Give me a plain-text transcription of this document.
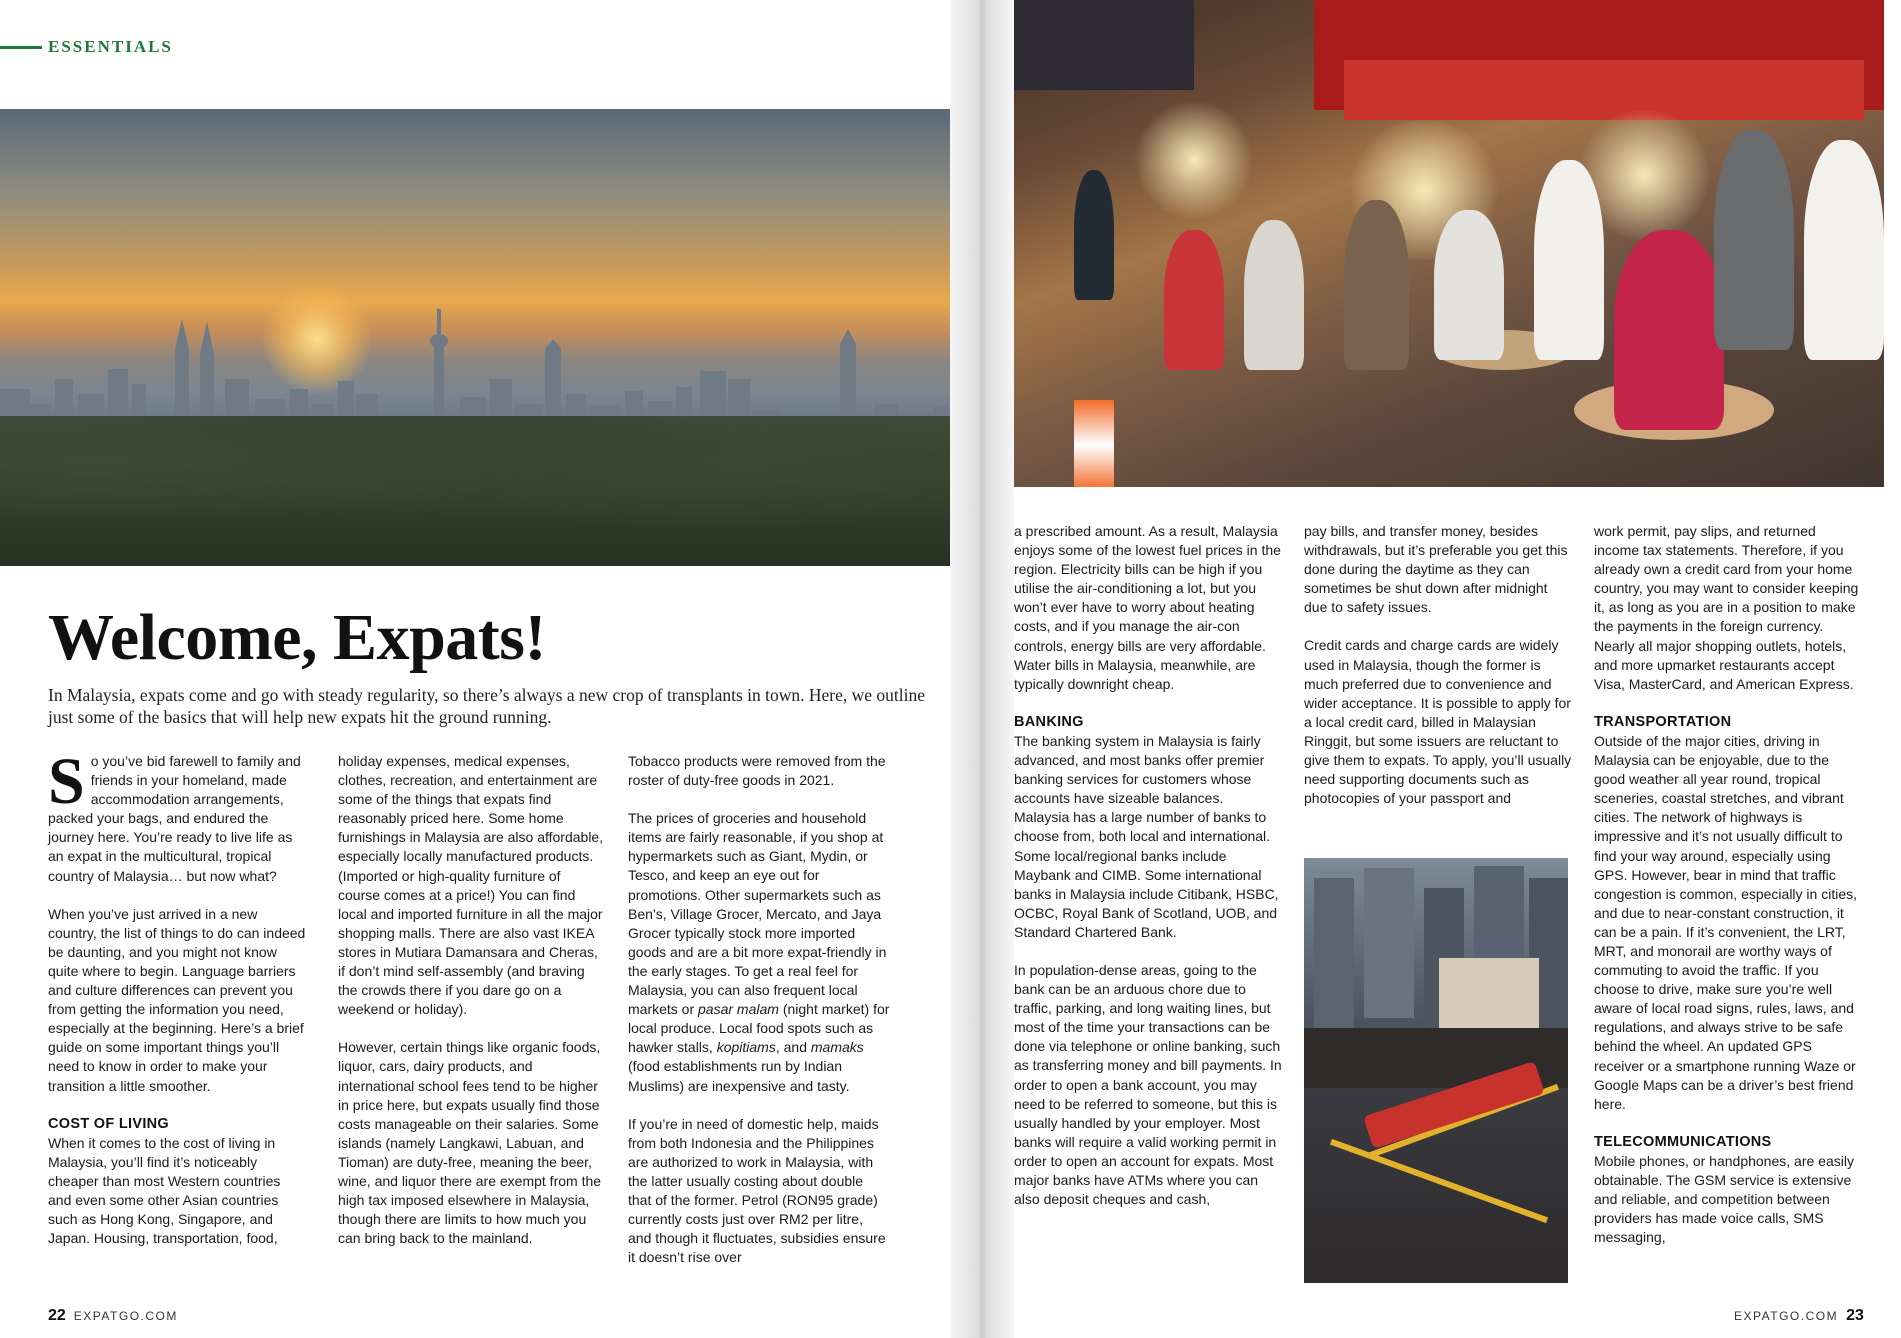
ESSENTIALS
Welcome, Expats!

In Malaysia, expats come and go with steady regularity, so there’s always a new crop of transplants in town. Here, we outline just some of the basics that will help new expats hit the ground running.

So you’ve bid farewell to family and friends in your homeland, made accommodation arrangements, packed your bags, and endured the journey here. You’re ready to live life as an expat in the multicultural, tropical country of Malaysia… but now what?

When you’ve just arrived in a new country, the list of things to do can indeed be daunting, and you might not know quite where to begin. Language barriers and culture differences can prevent you from getting the information you need, especially at the beginning. Here’s a brief guide on some important things you’ll need to know in order to make your transition a little smoother.

COST OF LIVING

When it comes to the cost of living in Malaysia, you’ll find it’s noticeably cheaper than most Western countries and even some other Asian countries such as Hong Kong, Singapore, and Japan. Housing, transportation, food,

holiday expenses, medical expenses, clothes, recreation, and entertainment are some of the things that expats find reasonably priced here. Some home furnishings in Malaysia are also affordable, especially locally manufactured products. (Imported or high-quality furniture of course comes at a price!) You can find local and imported furniture in all the major shopping malls. There are also vast IKEA stores in Mutiara Damansara and Cheras, if don’t mind self-assembly (and braving the crowds there if you dare go on a weekend or holiday).

However, certain things like organic foods, liquor, cars, dairy products, and international school fees tend to be higher in price here, but expats usually find those costs manageable on their salaries. Some islands (namely Langkawi, Labuan, and Tioman) are duty-free, meaning the beer, wine, and liquor there are exempt from the high tax imposed elsewhere in Malaysia, though there are limits to how much you can bring back to the mainland.

Tobacco products were removed from the roster of duty-free goods in 2021.

The prices of groceries and household items are fairly reasonable, if you shop at hypermarkets such as Giant, Mydin, or Tesco, and keep an eye out for promotions. Other supermarkets such as Ben’s, Village Grocer, Mercato, and Jaya Grocer typically stock more imported goods and are a bit more expat-friendly in the early stages. To get a real feel for Malaysia, you can also frequent local markets or pasar malam (night market) for local produce. Local food spots such as hawker stalls, kopitiams, and mamaks (food establishments run by Indian Muslims) are inexpensive and tasty.

If you’re in need of domestic help, maids from both Indonesia and the Philippines are authorized to work in Malaysia, with the latter usually costing about double that of the former. Petrol (RON95 grade) currently costs just over RM2 per litre, and though it fluctuates, subsidies ensure it doesn’t rise over

22 EXPATGO.COM

a prescribed amount. As a result, Malaysia enjoys some of the lowest fuel prices in the region. Electricity bills can be high if you utilise the air-conditioning a lot, but you won’t ever have to worry about heating costs, and if you manage the air-con controls, energy bills are very affordable. Water bills in Malaysia, meanwhile, are typically downright cheap.

BANKING

The banking system in Malaysia is fairly advanced, and most banks offer premier banking services for customers whose accounts have sizeable balances. Malaysia has a large number of banks to choose from, both local and international. Some local/regional banks include Maybank and CIMB. Some international banks in Malaysia include Citibank, HSBC, OCBC, Royal Bank of Scotland, UOB, and Standard Chartered Bank.

In population-dense areas, going to the bank can be an arduous chore due to traffic, parking, and long waiting lines, but most of the time your transactions can be done via telephone or online banking, such as transferring money and bill payments. In order to open a bank account, you may need to be referred to someone, but this is usually handled by your employer. Most banks will require a valid working permit in order to open an account for expats. Most major banks have ATMs where you can also deposit cheques and cash,

pay bills, and transfer money, besides withdrawals, but it’s preferable you get this done during the daytime as they can sometimes be shut down after midnight due to safety issues.

Credit cards and charge cards are widely used in Malaysia, though the former is much preferred due to convenience and wider acceptance. It is possible to apply for a local credit card, billed in Malaysian Ringgit, but some issuers are reluctant to give them to expats. To apply, you’ll usually need supporting documents such as photocopies of your passport and

work permit, pay slips, and returned income tax statements. Therefore, if you already own a credit card from your home country, you may want to consider keeping it, as long as you are in a position to make the payments in the foreign currency. Nearly all major shopping outlets, hotels, and more upmarket restaurants accept Visa, MasterCard, and American Express.

TRANSPORTATION

Outside of the major cities, driving in Malaysia can be enjoyable, due to the good weather all year round, tropical sceneries, coastal stretches, and vibrant cities. The network of highways is impressive and it’s not usually difficult to find your way around, especially using GPS. However, bear in mind that traffic congestion is common, especially in cities, and due to near-constant construction, it can be a pain. If it’s convenient, the LRT, MRT, and monorail are worthy ways of commuting to avoid the traffic. If you choose to drive, make sure you’re well aware of local road signs, rules, laws, and regulations, and always strive to be safe behind the wheel. An updated GPS receiver or a smartphone running Waze or Google Maps can be a driver’s best friend here.

TELECOMMUNICATIONS

Mobile phones, or handphones, are easily obtainable. The GSM service is extensive and reliable, and competition between providers has made voice calls, SMS messaging,

EXPATGO.COM 23
